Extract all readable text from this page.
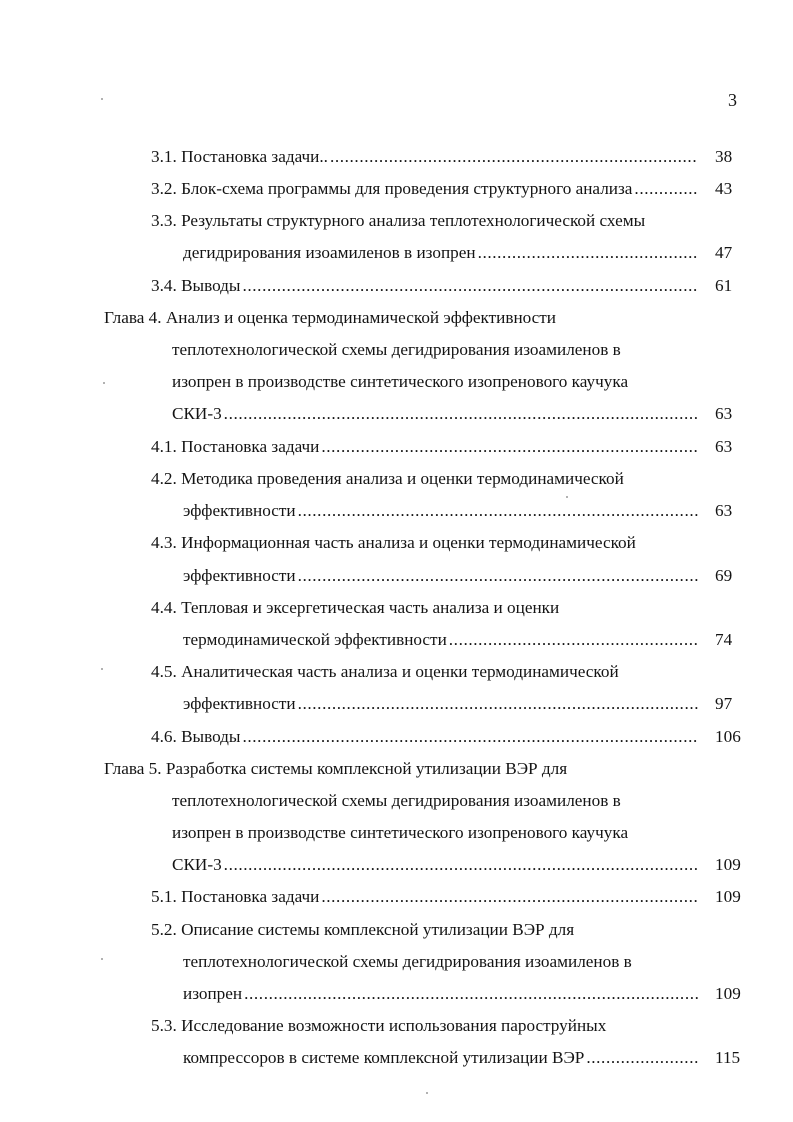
3
3.1. Постановка задачи.. .....	38
3.2. Блок-схема программы для проведения структурного анализа .....	43
3.3. Результаты структурного анализа теплотехнологической схемы
дегидрирования изоамиленов в изопрен .....	47
3.4. Выводы .....	61
Глава 4. Анализ и оценка термодинамической эффективности
теплотехнологической схемы дегидрирования изоамиленов в
изопрен в производстве синтетического изопренового каучука
СКИ-3 .....	63
4.1. Постановка задачи .....	63
4.2. Методика проведения анализа и оценки термодинамической
эффективности .....	63
4.3. Информационная часть анализа и оценки термодинамической
эффективности .....	69
4.4. Тепловая и эксергетическая часть анализа и оценки
термодинамической эффективности .....	74
4.5. Аналитическая часть анализа и оценки термодинамической
эффективности .....	97
4.6. Выводы .....	106
Глава 5. Разработка системы комплексной утилизации ВЭР для
теплотехнологической схемы дегидрирования изоамиленов в
изопрен в производстве синтетического изопренового каучука
СКИ-3 .....	109
5.1. Постановка задачи .....	109
5.2. Описание системы комплексной утилизации ВЭР для
теплотехнологической схемы дегидрирования изоамиленов в
изопрен .....	109
5.3. Исследование возможности использования пароструйных
компрессоров в системе комплексной утилизации ВЭР .....	115
